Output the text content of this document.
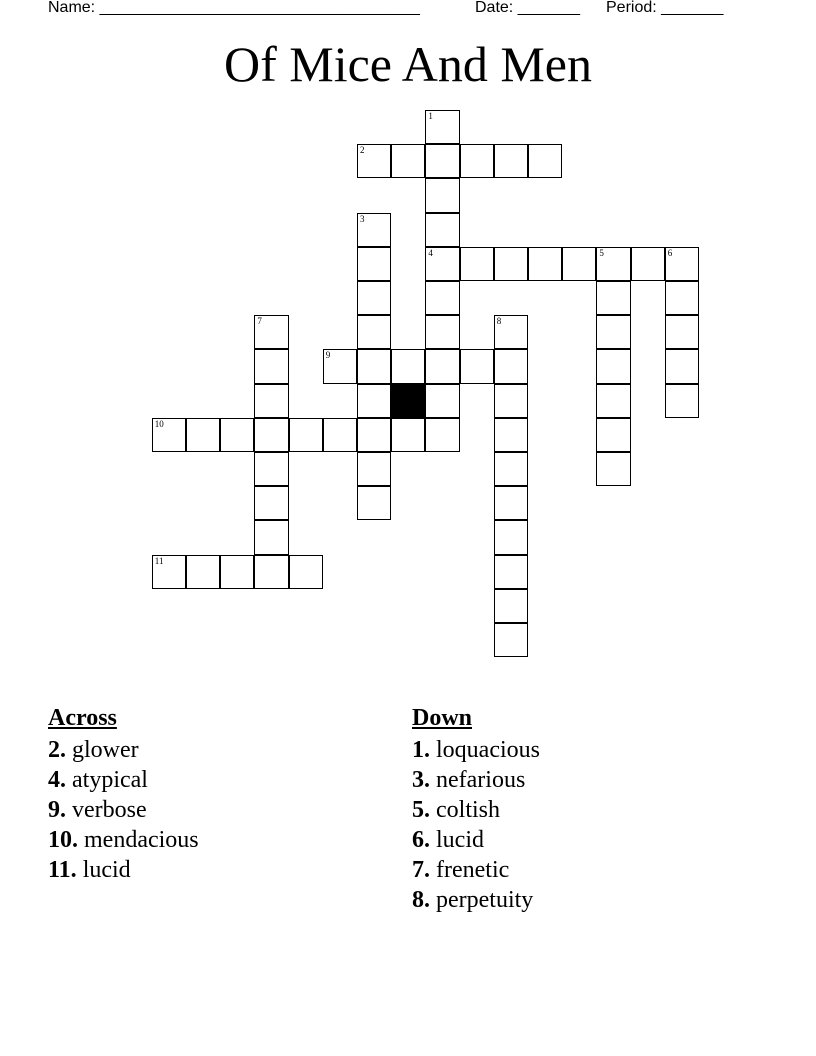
Name: ____________________________________	Date: _______ Period: _______
Of Mice And Men
1
2
3
4	5	6
7	8
9
10
11
Across
2. glower
4. atypical
9. verbose
10. mendacious
11. lucid
Down
1. loquacious
3. nefarious
5. coltish
6. lucid
7. frenetic
8. perpetuity
